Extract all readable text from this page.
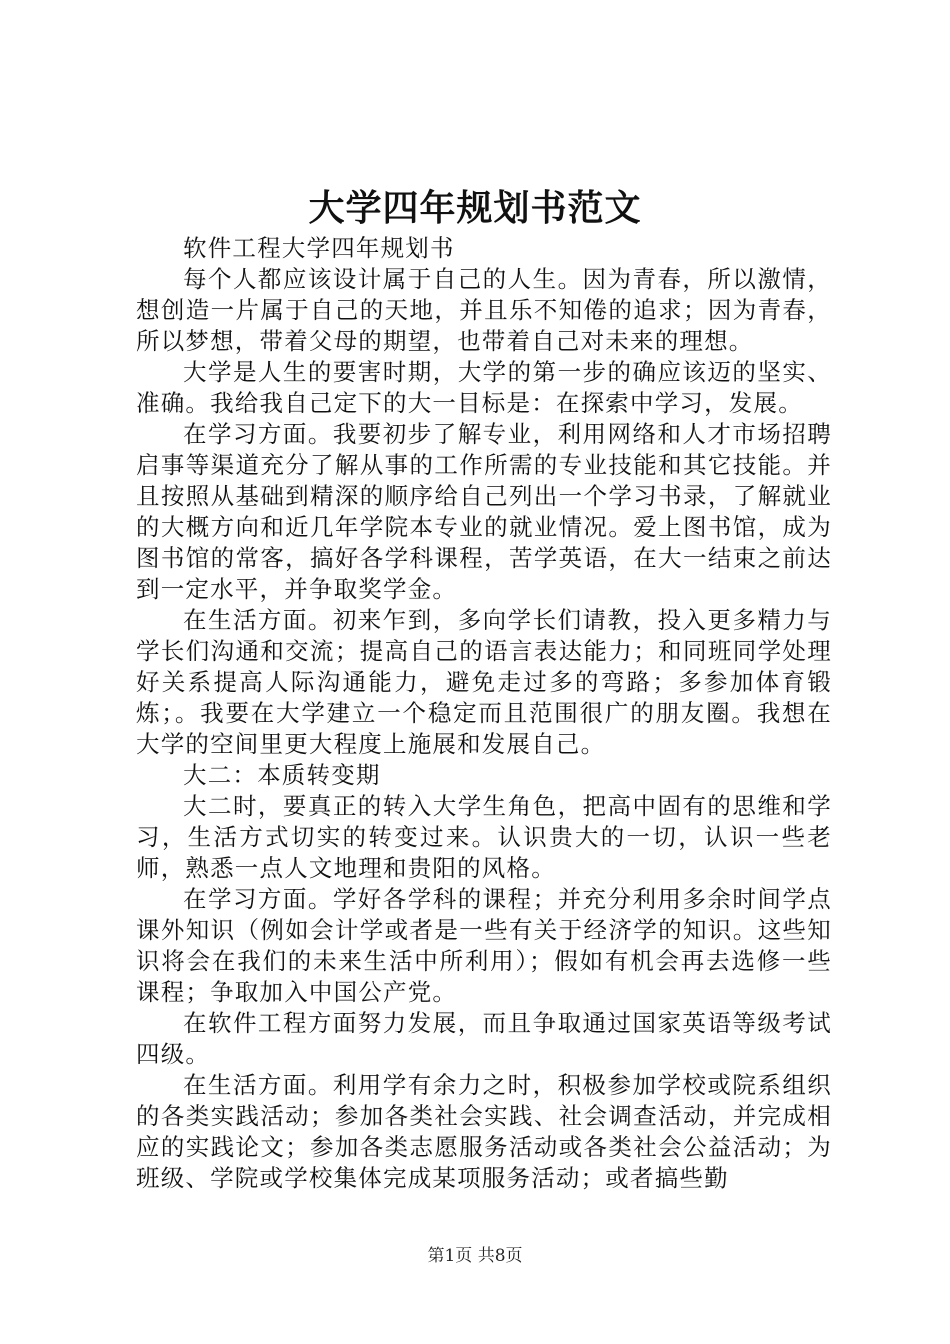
大学四年规划书范文

软件工程大学四年规划书

每个人都应该设计属于自己的人生。因为青春，所以激情，想创造一片属于自己的天地，并且乐不知倦的追求；因为青春，所以梦想，带着父母的期望，也带着自己对未来的理想。

大学是人生的要害时期，大学的第一步的确应该迈的坚实、准确。我给我自己定下的大一目标是：在探索中学习，发展。

在学习方面。我要初步了解专业，利用网络和人才市场招聘启事等渠道充分了解从事的工作所需的专业技能和其它技能。并且按照从基础到精深的顺序给自己列出一个学习书录，了解就业的大概方向和近几年学院本专业的就业情况。爱上图书馆，成为图书馆的常客，搞好各学科课程，苦学英语，在大一结束之前达到一定水平，并争取奖学金。

在生活方面。初来乍到，多向学长们请教，投入更多精力与学长们沟通和交流；提高自己的语言表达能力；和同班同学处理好关系提高人际沟通能力，避免走过多的弯路；多参加体育锻炼；。我要在大学建立一个稳定而且范围很广的朋友圈。我想在大学的空间里更大程度上施展和发展自己。

大二：本质转变期

大二时，要真正的转入大学生角色，把高中固有的思维和学习，生活方式切实的转变过来。认识贵大的一切，认识一些老师，熟悉一点人文地理和贵阳的风格。

在学习方面。学好各学科的课程；并充分利用多余时间学点课外知识（例如会计学或者是一些有关于经济学的知识。这些知识将会在我们的未来生活中所利用）；假如有机会再去选修一些课程；争取加入中国公产党。

在软件工程方面努力发展，而且争取通过国家英语等级考试四级。

在生活方面。利用学有余力之时，积极参加学校或院系组织的各类实践活动；参加各类社会实践、社会调查活动，并完成相应的实践论文；参加各类志愿服务活动或各类社会公益活动；为班级、学院或学校集体完成某项服务活动；或者搞些勤

第1页 共8页
